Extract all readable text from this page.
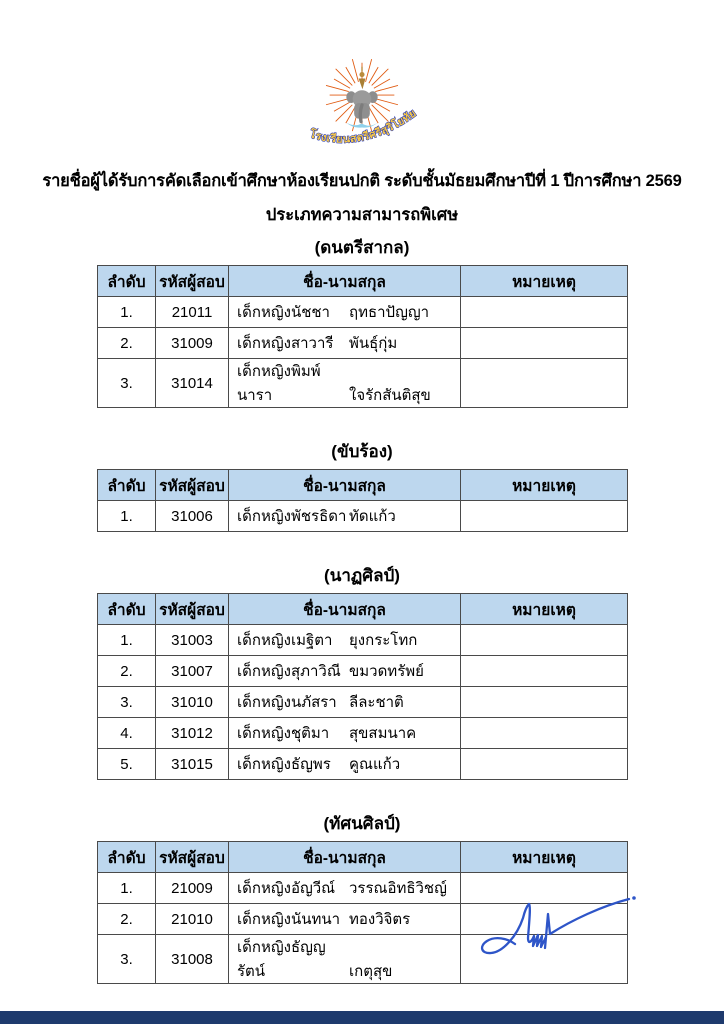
โรงเรียนสตรีศรีสุริโยทัย
รายชื่อผู้ได้รับการคัดเลือกเข้าศึกษาห้องเรียนปกติ ระดับชั้นมัธยมศึกษาปีที่ 1 ปีการศึกษา 2569
ประเภทความสามารถพิเศษ
(ดนตรีสากล)
ลำดับ	รหัสผู้สอบ	ชื่อ-นามสกุล	หมายเหตุ
1.	21011	เด็กหญิงนัชชา ฤทธาปัญญา	
2.	31009	เด็กหญิงสาวารี พันธุ์กุ่ม	
3.	31014	เด็กหญิงพิมพ์นารา ใจรักสันติสุข	
(ขับร้อง)
ลำดับ	รหัสผู้สอบ	ชื่อ-นามสกุล	หมายเหตุ
1.	31006	เด็กหญิงพัชรธิดา ทัดแก้ว	
(นาฏศิลป์)
ลำดับ	รหัสผู้สอบ	ชื่อ-นามสกุล	หมายเหตุ
1.	31003	เด็กหญิงเมฐิตา ยุงกระโทก	
2.	31007	เด็กหญิงสุภาวิณี ขมวดทรัพย์	
3.	31010	เด็กหญิงนภัสรา ลีละชาติ	
4.	31012	เด็กหญิงชุติมา สุขสมนาค	
5.	31015	เด็กหญิงธัญพร คูณแก้ว	
(ทัศนศิลป์)
ลำดับ	รหัสผู้สอบ	ชื่อ-นามสกุล	หมายเหตุ
1.	21009	เด็กหญิงอัญวีณ์ วรรณอิทธิวิชญ์	
2.	21010	เด็กหญิงนันทนา ทองวิจิตร	
3.	31008	เด็กหญิงธัญญรัตน์ เกตุสุข	
